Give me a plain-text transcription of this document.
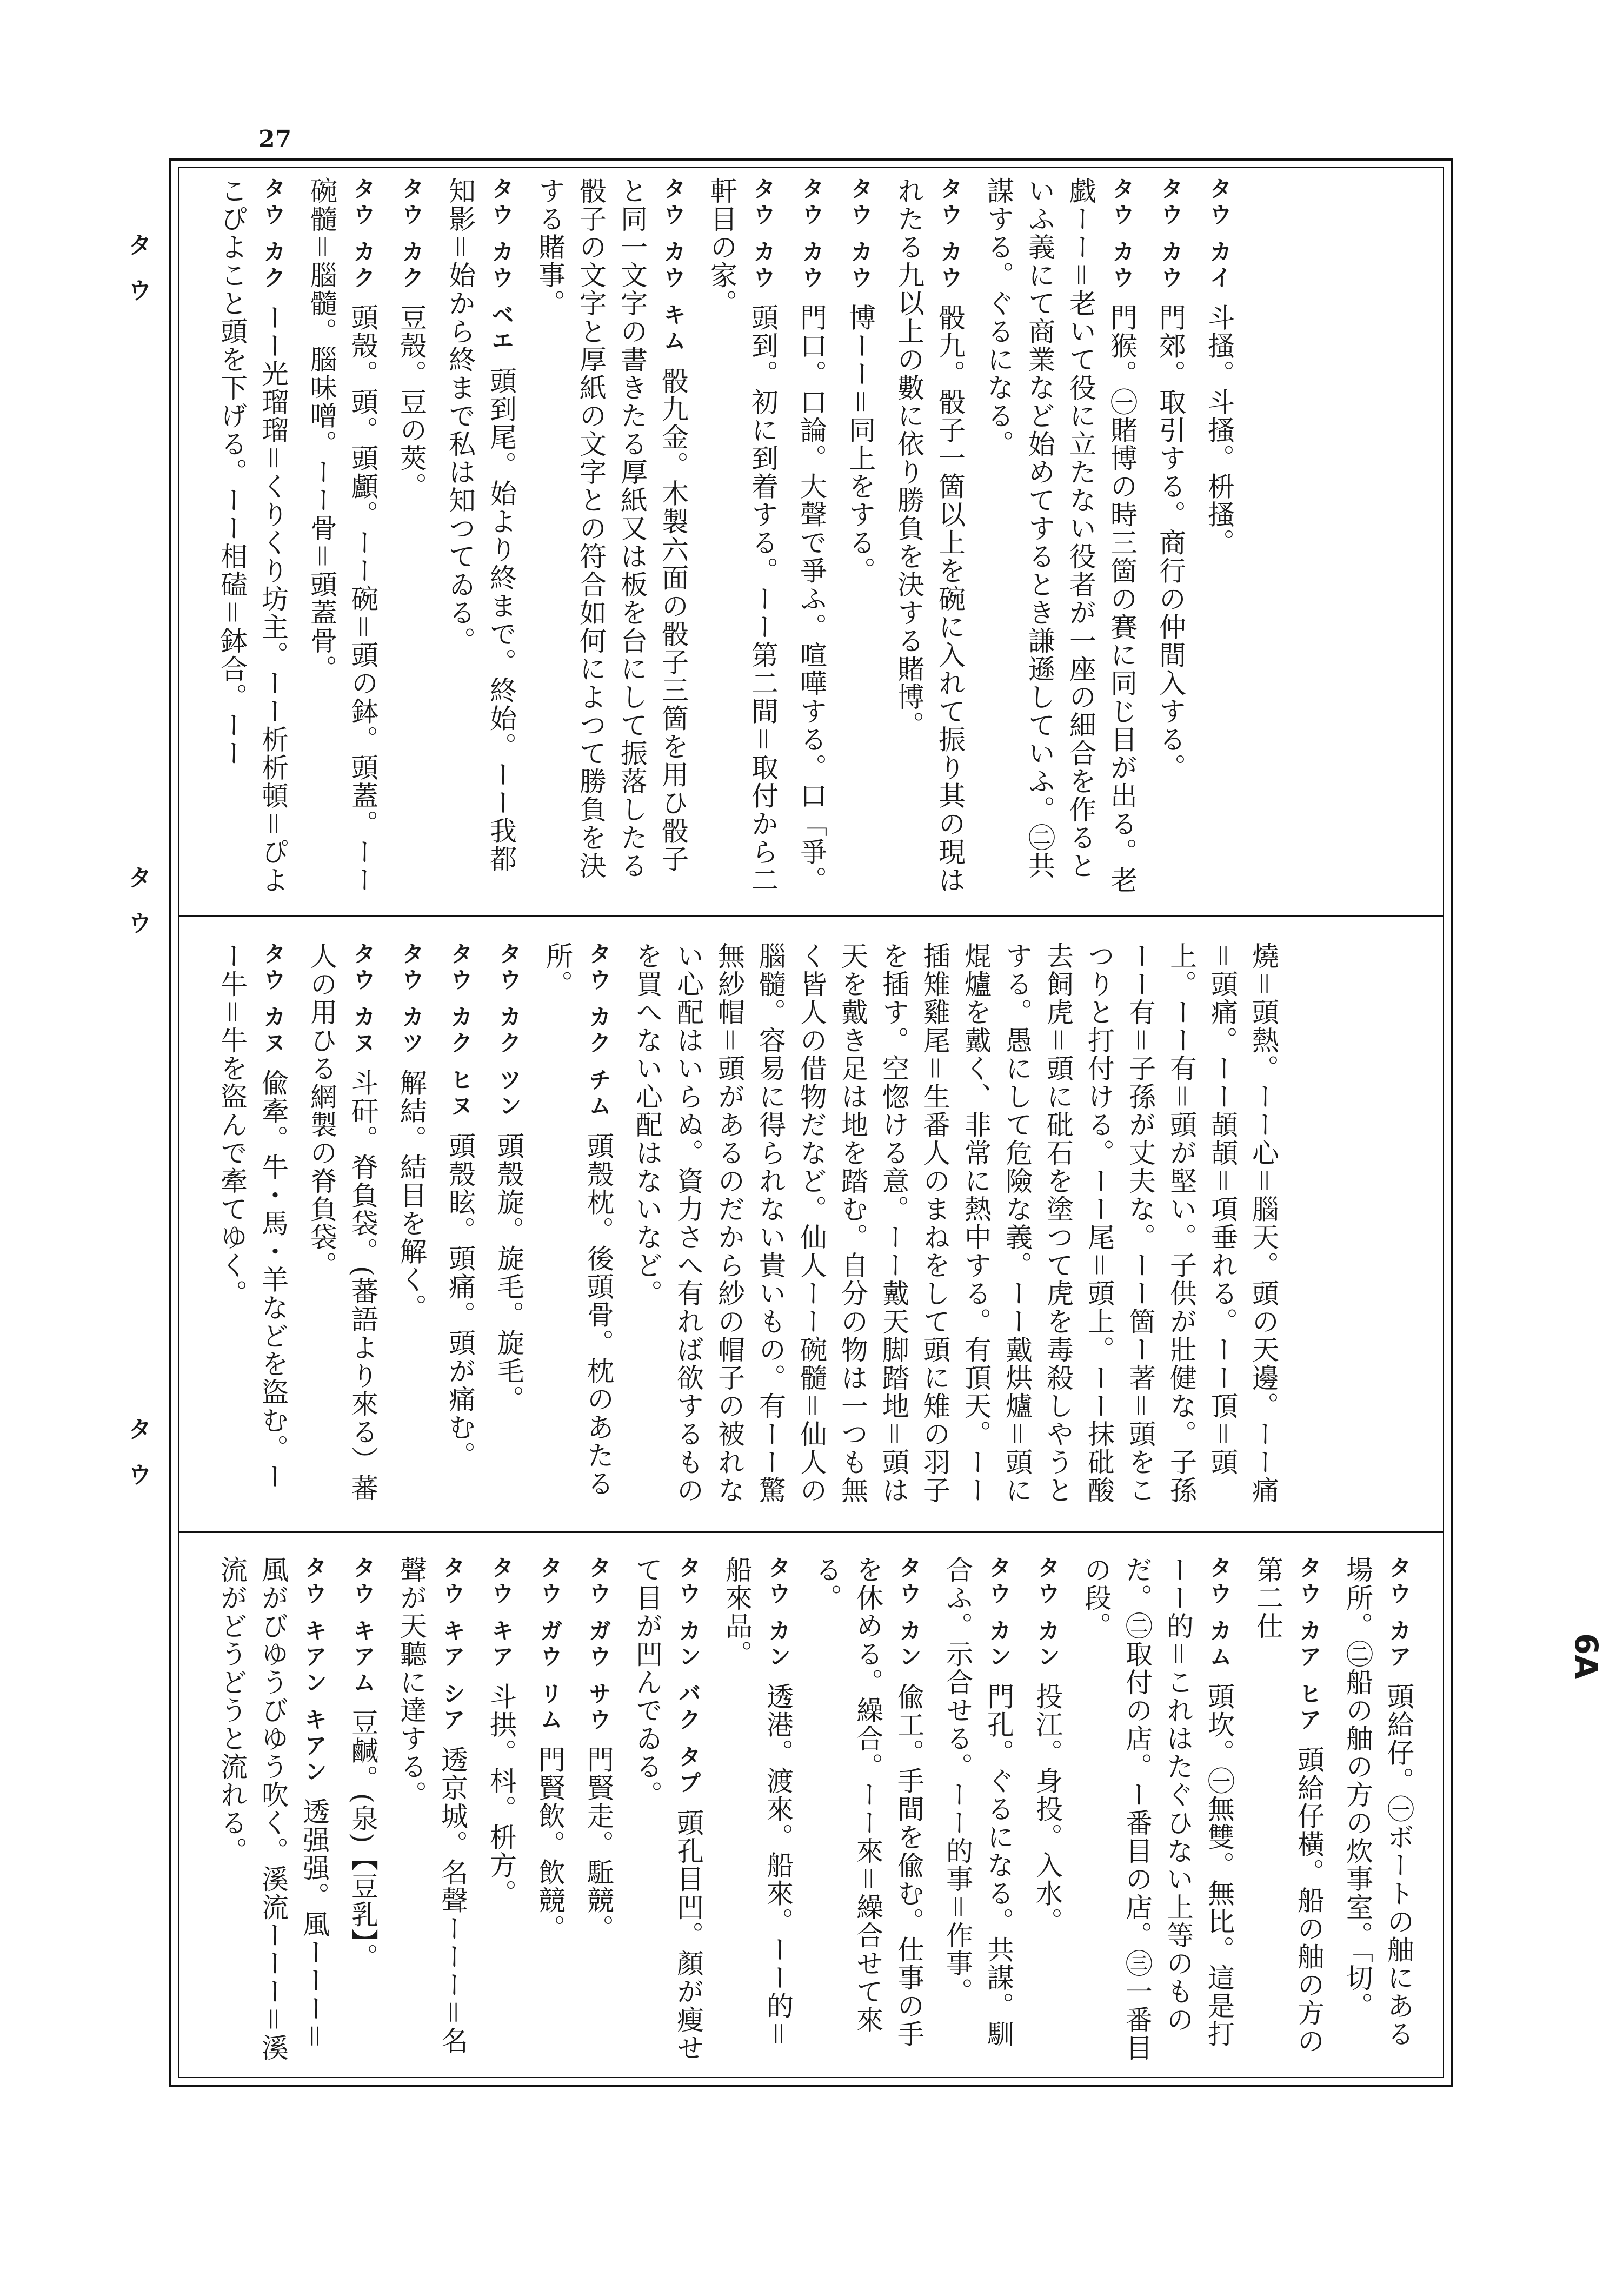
27
6A
タウ
タウ
タウ
タウ カイ斗搔。斗搔。枡搔。
タウ カウ門郊。取引する。商行の仲間入する。
タウ カウ門猴。㊀賭博の時三箇の賽に同じ目が出る。老戯ーー＝老いて役に立たない役者が一座の細合を作るといふ義にて商業など始めてするとき謙遜していふ。㊁共謀する。ぐるになる。
タウ カウ骰九。骰子一箇以上を碗に入れて振り其の現はれたる九以上の數に依り勝負を決する賭博。
タウ カウ博ーー＝同上をする。
タウ カウ門口。口論。大聲で爭ふ。喧嘩する。口「爭。
タウ カウ頭到。初に到着する。ーー第二間＝取付から二軒目の家。
タウ カウ キム骰九金。木製六面の骰子三箇を用ひ骰子と同一文字の書きたる厚紙又は板を台にして振落したる骰子の文字と厚紙の文字との符合如何によつて勝負を決する賭事。
タウ カウ ベエ頭到尾。始より終まで。終始。ーー我都知影＝始から終まで私は知つてゐる。
タウ カク豆殼。豆の莢。
タウ カク頭殼。頭。頭顱。ーー碗＝頭の鉢。頭蓋。ーー碗髓＝腦髓。腦味噌。ーー骨＝頭蓋骨。
タウ カクーー光瑠瑠＝くりくり坊主。ーー析析頓＝ぴよこぴよこと頭を下げる。ーー相磕＝鉢合。ーー
燒＝頭熱。ーー心＝腦天。頭の天邊。ーー痛＝頭痛。ーー頡頡＝項垂れる。ーー頂＝頭上。ーー有＝頭が堅い。子供が壯健な。子孫ーー有＝子孫が丈夫な。ーー箇ー著＝頭をこつりと打付ける。ーー尾＝頭上。ーー抹砒酸去飼虎＝頭に砒石を塗つて虎を毒殺しやうとする。愚にして危險な義。ーー戴烘爐＝頭に焜爐を戴く、非常に熱中する。有頂天。ーー插雉雞尾＝生番人のまねをして頭に雉の羽子を插す。空惚ける意。ーー戴天脚踏地＝頭は天を戴き足は地を踏む。自分の物は一つも無く皆人の借物だなど。仙人ーー碗髓＝仙人の腦髓。容易に得られない貴いもの。有ーー驚無紗帽＝頭があるのだから紗の帽子の被れない心配はいらぬ。資力さへ有れば欲するものを買へない心配はないなど。
タウ カク チム頭殼枕。後頭骨。枕のあたる所。
タウ カク ツン頭殼旋。旋毛。旋毛。
タウ カク ヒヌ頭殼眩。頭痛。頭が痛む。
タウ カツ解結。結目を解く。
タウ カヌ斗矸。脊負袋。(蕃語より來る）蕃人の用ひる網製の脊負袋。
タウ カヌ偸牽。牛・馬・羊などを盜む。ーー牛＝牛を盜んで牽てゆく。
タウ カア頭給仔。㊀ボートの舳にある場所。㊁船の舳の方の炊事室。「切。
タウ カア ヒア頭給仔橫。船の舳の方の第二仕
タウ カム頭坎。㊀無雙。無比。這是打ーー的＝これはたぐひない上等のものだ。㊁取付の店。ー番目の店。㊂一番目の段。
タウ カン投江。身投。入水。
タウ カン門孔。ぐるになる。共謀。馴合ふ。示合せる。ーー的事＝作事。
タウ カン偸工。手間を偸む。仕事の手を休める。繰合。ーー來＝繰合せて來る。
タウ カン透港。渡來。船來。ーー的＝船來品。
タウ カン バク タプ頭孔目凹。顏が瘦せて目が凹んでゐる。
タウ ガウ サウ門賢走。駈競。
タウ ガウ リム門賢飲。飲競。
タウ キア斗拱。枓。枡方。
タウ キア シア透京城。名聲ーーー＝名聲が天聽に達する。
タウ キアム豆鹹。(泉)【豆乳】。
タウ キアン キアン透强强。風ーーー＝風がびゆうびゆう吹く。溪流ーーー＝溪流がどうどうと流れる。
